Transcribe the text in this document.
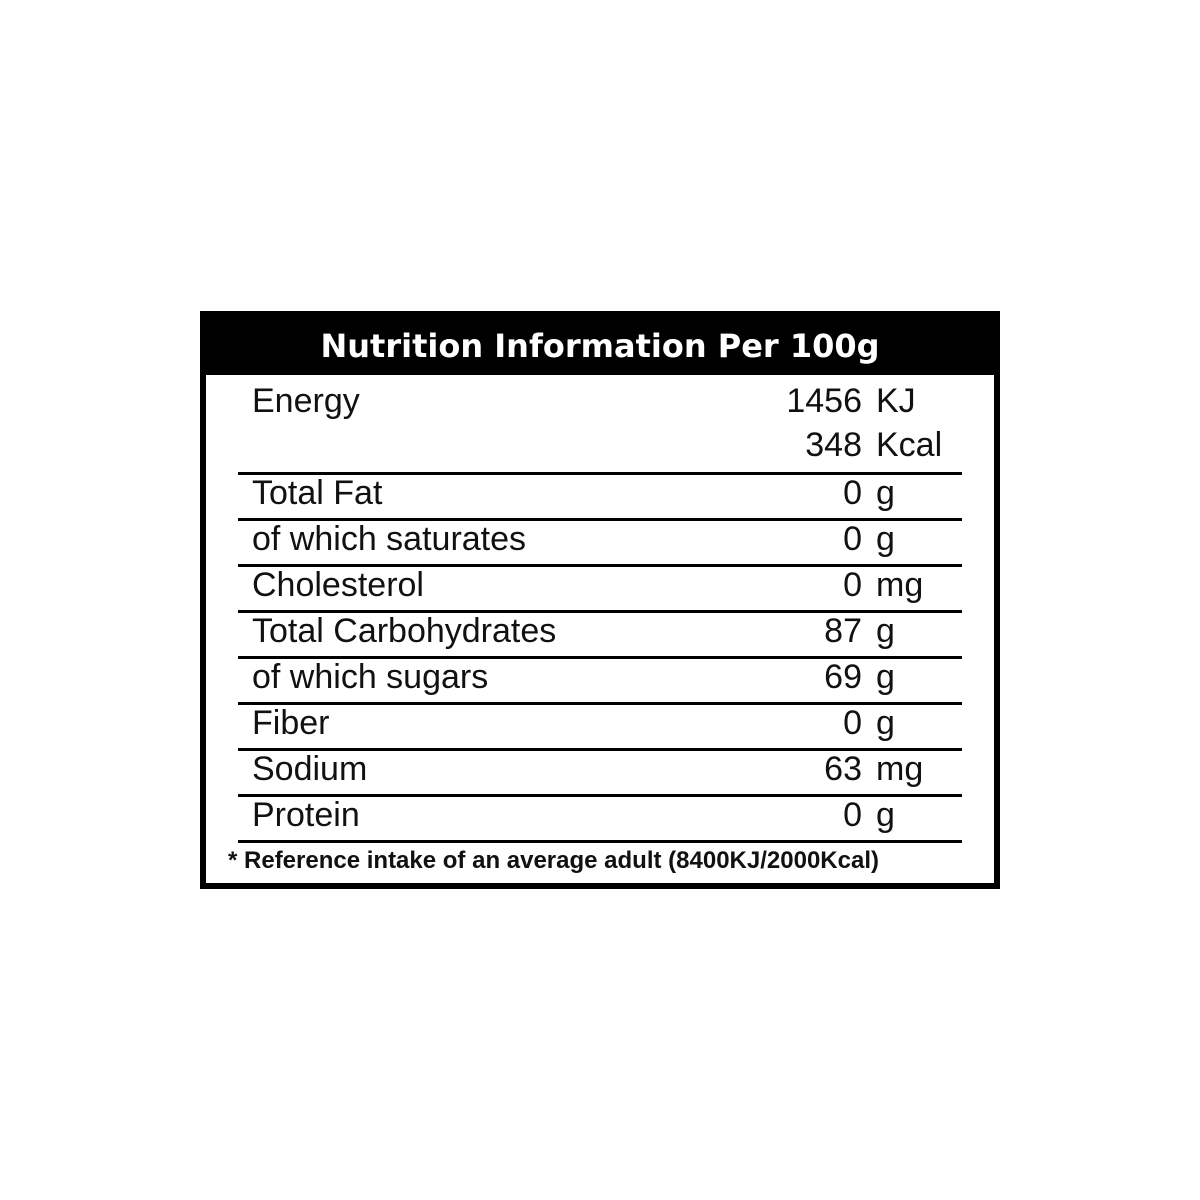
Nutrition Information Per 100g
Energy	1456 KJ
348 Kcal
Total Fat	0 g
of which saturates	0 g
Cholesterol	0 mg
Total Carbohydrates	87 g
of which sugars	69 g
Fiber	0 g
Sodium	63 mg
Protein	0 g
* Reference intake of an average adult (8400KJ/2000Kcal)
